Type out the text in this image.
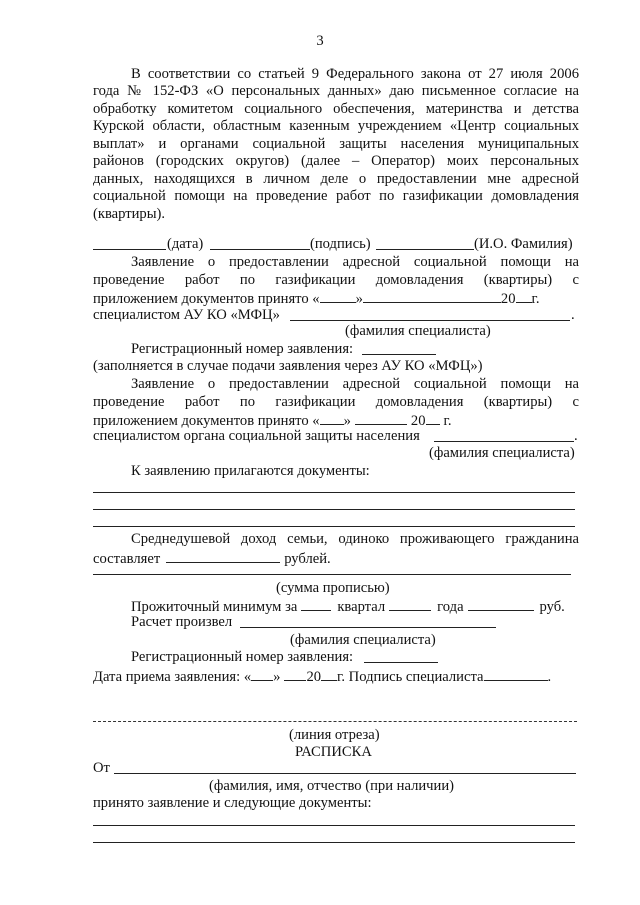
3
В соответствии со статьей 9 Федерального закона от 27 июля 2006
года № 152-ФЗ «О персональных данных» даю письменное согласие на
обработку комитетом социального обеспечения, материнства и детства
Курской области, областным казенным учреждением «Центр социальных
выплат» и органами социальной защиты населения муниципальных
районов (городских округов) (далее – Оператор) моих персональных
данных, находящихся в личном деле о предоставлении мне адресной
социальной помощи на проведение работ по газификации домовладения
(квартиры).
(дата)	(подпись)	(И.О. Фамилия)
Заявление о предоставлении адресной социальной помощи на
проведение работ по газификации домовладения (квартиры) с
приложением документов принято « »	20 г.
специалистом АУ КО «МФЦ»	.
(фамилия специалиста)
Регистрационный номер заявления:
(заполняется в случае подачи заявления через АУ КО «МФЦ»)
Заявление о предоставлении адресной социальной помощи на
проведение работ по газификации домовладения (квартиры) с
приложением документов принято « »	20 г.
специалистом органа социальной защиты населения	.
(фамилия специалиста)
К заявлению прилагаются документы:
Среднедушевой доход семьи, одиноко проживающего гражданина
составляет	рублей.
(сумма прописью)
Прожиточный минимум за	квартал	года	руб.
Расчет произвел
(фамилия специалиста)
Регистрационный номер заявления:
Дата приема заявления: « » 20 г. Подпись специалиста	.
(линия отреза)
РАСПИСКА
От
(фамилия, имя, отчество (при наличии)
принято заявление и следующие документы:
